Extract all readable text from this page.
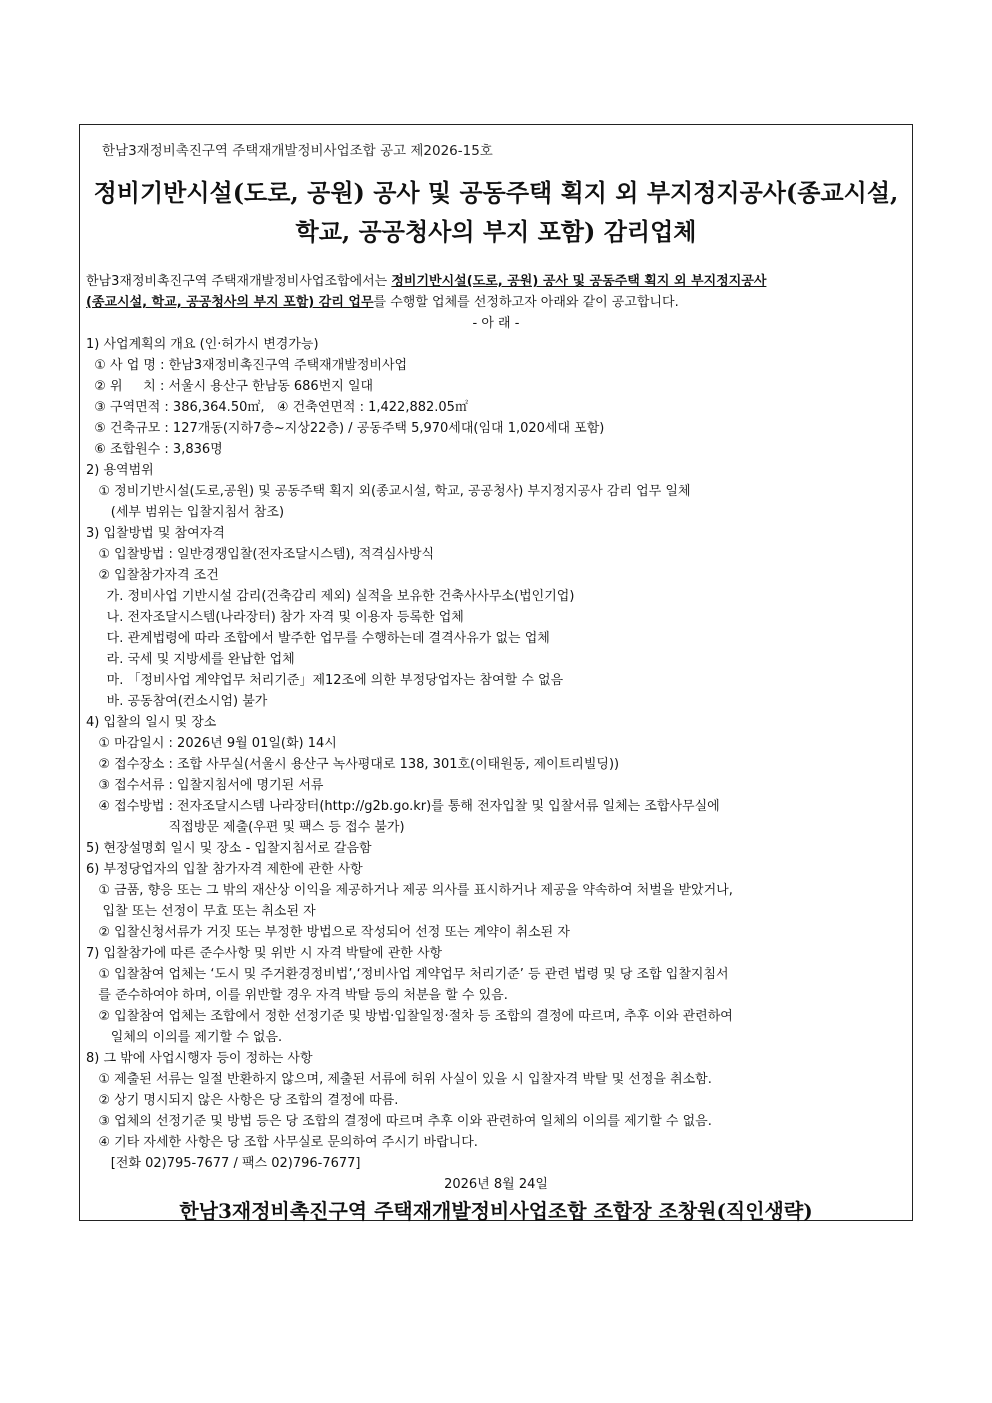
한남3재정비촉진구역 주택재개발정비사업조합 공고 제2026-15호
정비기반시설(도로, 공원) 공사 및 공동주택 획지 외 부지정지공사(종교시설,
학교, 공공청사의 부지 포함) 감리업체
한남3재정비촉진구역 주택재개발정비사업조합에서는 정비기반시설(도로, 공원) 공사 및 공동주택 획지 외 부지정지공사
(종교시설, 학교, 공공청사의 부지 포함) 감리 업무를 수행할 업체를 선정하고자 아래와 같이 공고합니다.
- 아 래 -
1) 사업계획의 개요 (인·허가시 변경가능)
① 사 업 명 : 한남3재정비촉진구역 주택재개발정비사업
② 위     치 : 서울시 용산구 한남동 686번지 일대
③ 구역면적 : 386,364.50㎡,   ④ 건축연면적 : 1,422,882.05㎡
⑤ 건축규모 : 127개동(지하7층~지상22층) / 공동주택 5,970세대(임대 1,020세대 포함)
⑥ 조합원수 : 3,836명
2) 용역범위
① 정비기반시설(도로,공원) 및 공동주택 획지 외(종교시설, 학교, 공공청사) 부지정지공사 감리 업무 일체
(세부 범위는 입찰지침서 참조)
3) 입찰방법 및 참여자격
① 입찰방법 : 일반경쟁입찰(전자조달시스템), 적격심사방식
② 입찰참가자격 조건
가. 정비사업 기반시설 감리(건축감리 제외) 실적을 보유한 건축사사무소(법인기업)
나. 전자조달시스템(나라장터) 참가 자격 및 이용자 등록한 업체
다. 관계법령에 따라 조합에서 발주한 업무를 수행하는데 결격사유가 없는 업체
라. 국세 및 지방세를 완납한 업체
마. 「정비사업 계약업무 처리기준」제12조에 의한 부정당업자는 참여할 수 없음
바. 공동참여(컨소시엄) 불가
4) 입찰의 일시 및 장소
① 마감일시 : 2026년 9월 01일(화) 14시
② 접수장소 : 조합 사무실(서울시 용산구 녹사평대로 138, 301호(이태원동, 제이트리빌딩))
③ 접수서류 : 입찰지침서에 명기된 서류
④ 접수방법 : 전자조달시스템 나라장터(http://g2b.go.kr)를 통해 전자입찰 및 입찰서류 일체는 조합사무실에
직접방문 제출(우편 및 팩스 등 접수 불가)
5) 현장설명회 일시 및 장소 - 입찰지침서로 갈음함
6) 부정당업자의 입찰 참가자격 제한에 관한 사항
① 금품, 향응 또는 그 밖의 재산상 이익을 제공하거나 제공 의사를 표시하거나 제공을 약속하여 처벌을 받았거나,
입찰 또는 선정이 무효 또는 취소된 자
② 입찰신청서류가 거짓 또는 부정한 방법으로 작성되어 선정 또는 계약이 취소된 자
7) 입찰참가에 따른 준수사항 및 위반 시 자격 박탈에 관한 사항
① 입찰참여 업체는 ‘도시 및 주거환경정비법’,‘정비사업 계약업무 처리기준’ 등 관련 법령 및 당 조합 입찰지침서
를 준수하여야 하며, 이를 위반할 경우 자격 박탈 등의 처분을 할 수 있음.
② 입찰참여 업체는 조합에서 정한 선정기준 및 방법·입찰일정·절차 등 조합의 결정에 따르며, 추후 이와 관련하여
일체의 이의를 제기할 수 없음.
8) 그 밖에 사업시행자 등이 정하는 사항
① 제출된 서류는 일절 반환하지 않으며, 제출된 서류에 허위 사실이 있을 시 입찰자격 박탈 및 선정을 취소함.
② 상기 명시되지 않은 사항은 당 조합의 결정에 따름.
③ 업체의 선정기준 및 방법 등은 당 조합의 결정에 따르며 추후 이와 관련하여 일체의 이의를 제기할 수 없음.
④ 기타 자세한 사항은 당 조합 사무실로 문의하여 주시기 바랍니다.
[전화 02)795-7677 / 팩스 02)796-7677]
2026년 8월 24일
한남3재정비촉진구역 주택재개발정비사업조합 조합장 조창원(직인생략)
